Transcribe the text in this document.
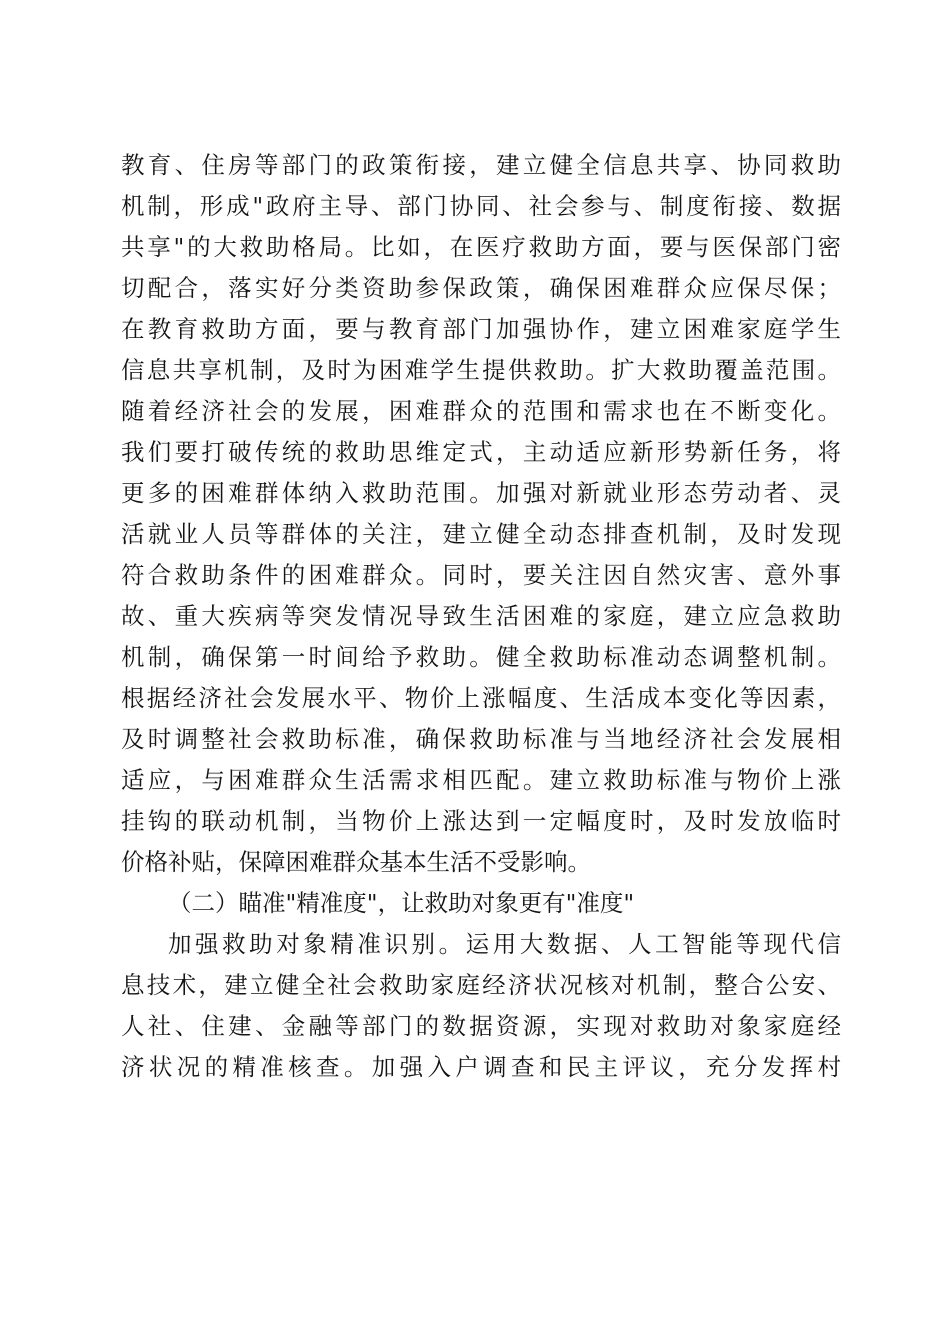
教育、住房等部门的政策衔接，建立健全信息共享、协同救助
机制，形成"政府主导、部门协同、社会参与、制度衔接、数据
共享"的大救助格局。比如，在医疗救助方面，要与医保部门密
切配合，落实好分类资助参保政策，确保困难群众应保尽保；
在教育救助方面，要与教育部门加强协作，建立困难家庭学生
信息共享机制，及时为困难学生提供救助。扩大救助覆盖范围。
随着经济社会的发展，困难群众的范围和需求也在不断变化。
我们要打破传统的救助思维定式，主动适应新形势新任务，将
更多的困难群体纳入救助范围。加强对新就业形态劳动者、灵
活就业人员等群体的关注，建立健全动态排查机制，及时发现
符合救助条件的困难群众。同时，要关注因自然灾害、意外事
故、重大疾病等突发情况导致生活困难的家庭，建立应急救助
机制，确保第一时间给予救助。健全救助标准动态调整机制。
根据经济社会发展水平、物价上涨幅度、生活成本变化等因素，
及时调整社会救助标准，确保救助标准与当地经济社会发展相
适应，与困难群众生活需求相匹配。建立救助标准与物价上涨
挂钩的联动机制，当物价上涨达到一定幅度时，及时发放临时
价格补贴，保障困难群众基本生活不受影响。
（二）瞄准"精准度"，让救助对象更有"准度"
加强救助对象精准识别。运用大数据、人工智能等现代信
息技术，建立健全社会救助家庭经济状况核对机制，整合公安、
人社、住建、金融等部门的数据资源，实现对救助对象家庭经
济状况的精准核查。加强入户调查和民主评议，充分发挥村
